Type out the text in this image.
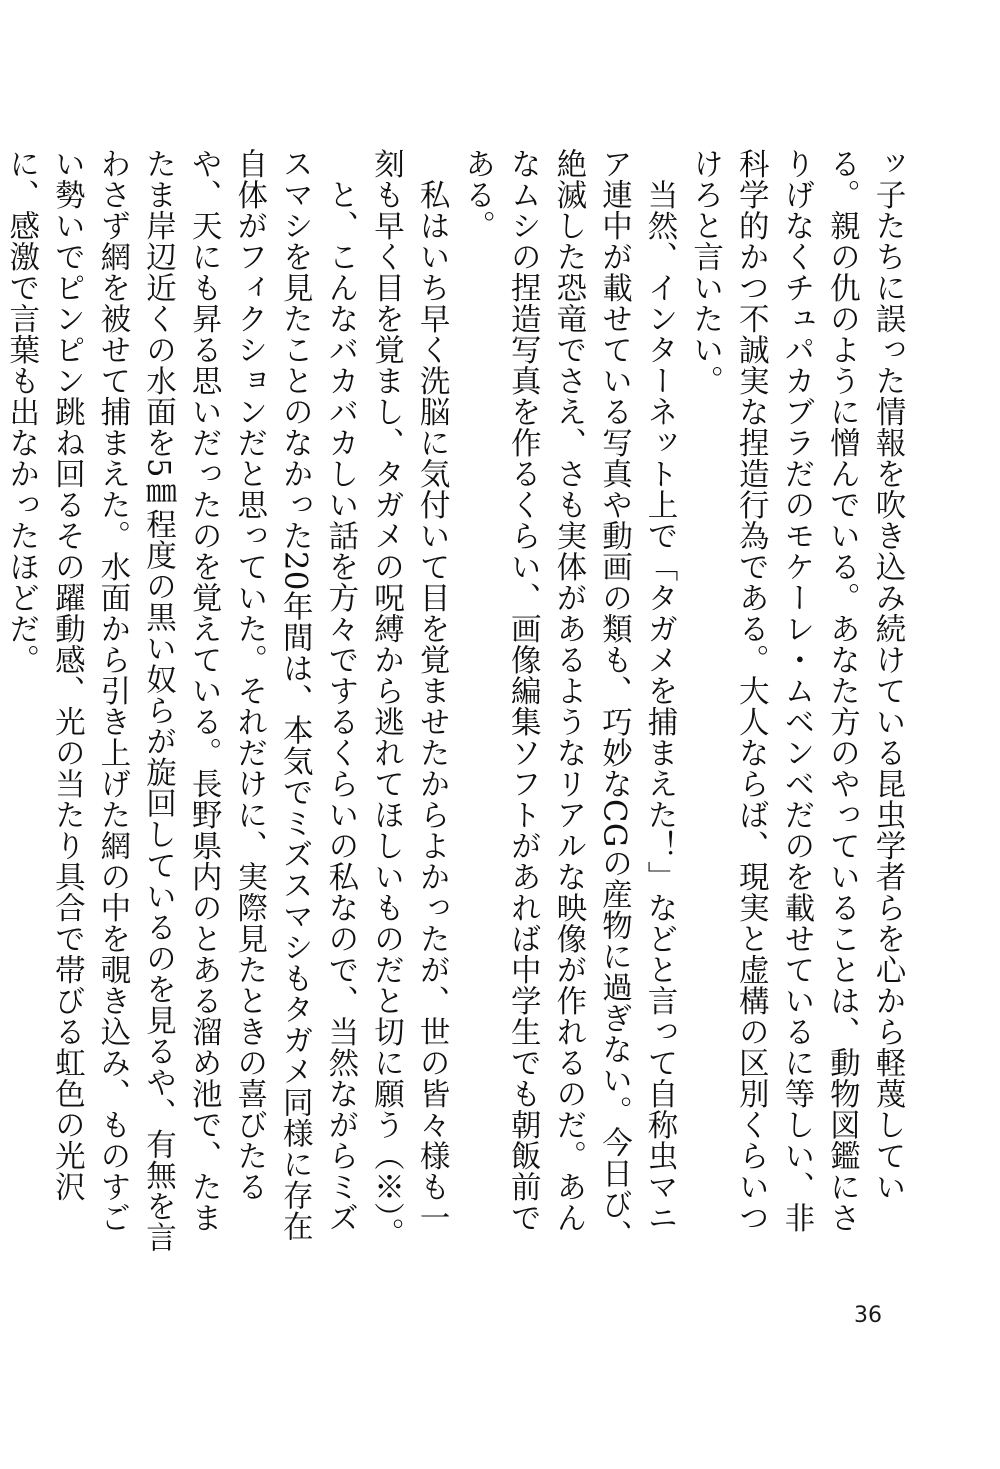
ッ子たちに誤った情報を吹き込み続けている昆虫学者らを心から軽蔑している。親の仇のように憎んでいる。あなた方のやっていることは、動物図鑑にさりげなくチュパカブラだのモケーレ・ムベンベだのを載せているに等しい、非科学的かつ不誠実な捏造行為である。大人ならば、現実と虚構の区別くらいつけろと言いたい。

当然、インターネット上で「タガメを捕まえた！」などと言って自称虫マニア連中が載せている写真や動画の類も、巧妙なCGの産物に過ぎない。今日び、絶滅した恐竜でさえ、さも実体があるようなリアルな映像が作れるのだ。あんなムシの捏造写真を作るくらい、画像編集ソフトがあれば中学生でも朝飯前である。

私はいち早く洗脳に気付いて目を覚ませたからよかったが、世の皆々様も一刻も早く目を覚まし、タガメの呪縛から逃れてほしいものだと切に願う（※）。

と、こんなバカバカしい話を方々でするくらいの私なので、当然ながらミズスマシを見たことのなかった20年間は、本気でミズスマシもタガメ同様に存在自体がフィクションだと思っていた。それだけに、実際見たときの喜びたるや、天にも昇る思いだったのを覚えている。長野県内のとある溜め池で、たまたま岸辺近くの水面を5㎜程度の黒い奴らが旋回しているのを見るや、有無を言わさず網を被せて捕まえた。水面から引き上げた網の中を覗き込み、ものすごい勢いでピンピン跳ね回るその躍動感、光の当たり具合で帯びる虹色の光沢に、感激で言葉も出なかったほどだ。

36
